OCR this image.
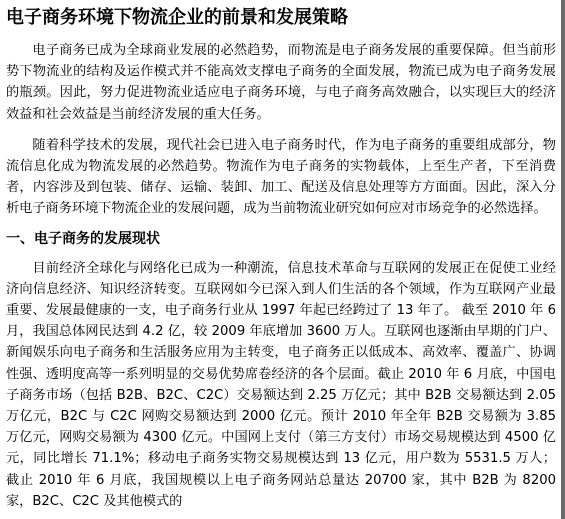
电子商务环境下物流企业的前景和发展策略

电子商务已成为全球商业发展的必然趋势，而物流是电子商务发展的重要保障。但当前形势下物流业的结构及运作模式并不能高效支撑电子商务的全面发展，物流已成为电子商务发展的瓶颈。因此，努力促进物流业适应电子商务环境，与电子商务高效融合，以实现巨大的经济效益和社会效益是当前经济发展的重大任务。

随着科学技术的发展，现代社会已进入电子商务时代，作为电子商务的重要组成部分，物流信息化成为物流发展的必然趋势。物流作为电子商务的实物载体，上至生产者，下至消费者，内容涉及到包装、储存、运输、装卸、加工、配送及信息处理等方方面面。因此，深入分析电子商务环境下物流企业的发展问题，成为当前物流业研究如何应对市场竞争的必然选择。

一、电子商务的发展现状

目前经济全球化与网络化已成为一种潮流，信息技术革命与互联网的发展正在促使工业经济向信息经济、知识经济转变。互联网如今已深入到人们生活的各个领域，作为互联网产业最重要、发展最健康的一支，电子商务行业从 1997 年起已经跨过了 13 年了。 截至 2010 年 6 月，我国总体网民达到 4.2 亿，较 2009 年底增加 3600 万人。互联网也逐渐由早期的门户、新闻娱乐向电子商务和生活服务应用为主转变，电子商务正以低成本、高效率、覆盖广、协调性强、透明度高等一系列明显的交易优势席卷经济的各个层面。截止 2010 年 6 月底，中国电子商务市场（包括 B2B、B2C、C2C）交易额达到 2.25 万亿元；其中 B2B 交易额达到 2.05 万亿元，B2C 与 C2C 网购交易额达到 2000 亿元。预计 2010 年全年 B2B 交易额为 3.85 万亿元，网购交易额为 4300 亿元。中国网上支付（第三方支付）市场交易规模达到 4500 亿元，同比增长 71.1%；移动电子商务实物交易规模达到 13 亿元，用户数为 5531.5 万人； 截止 2010 年 6 月底，我国规模以上电子商务网站总量达 20700 家，其中 B2B 为 8200 家，B2C、C2C 及其他模式的
